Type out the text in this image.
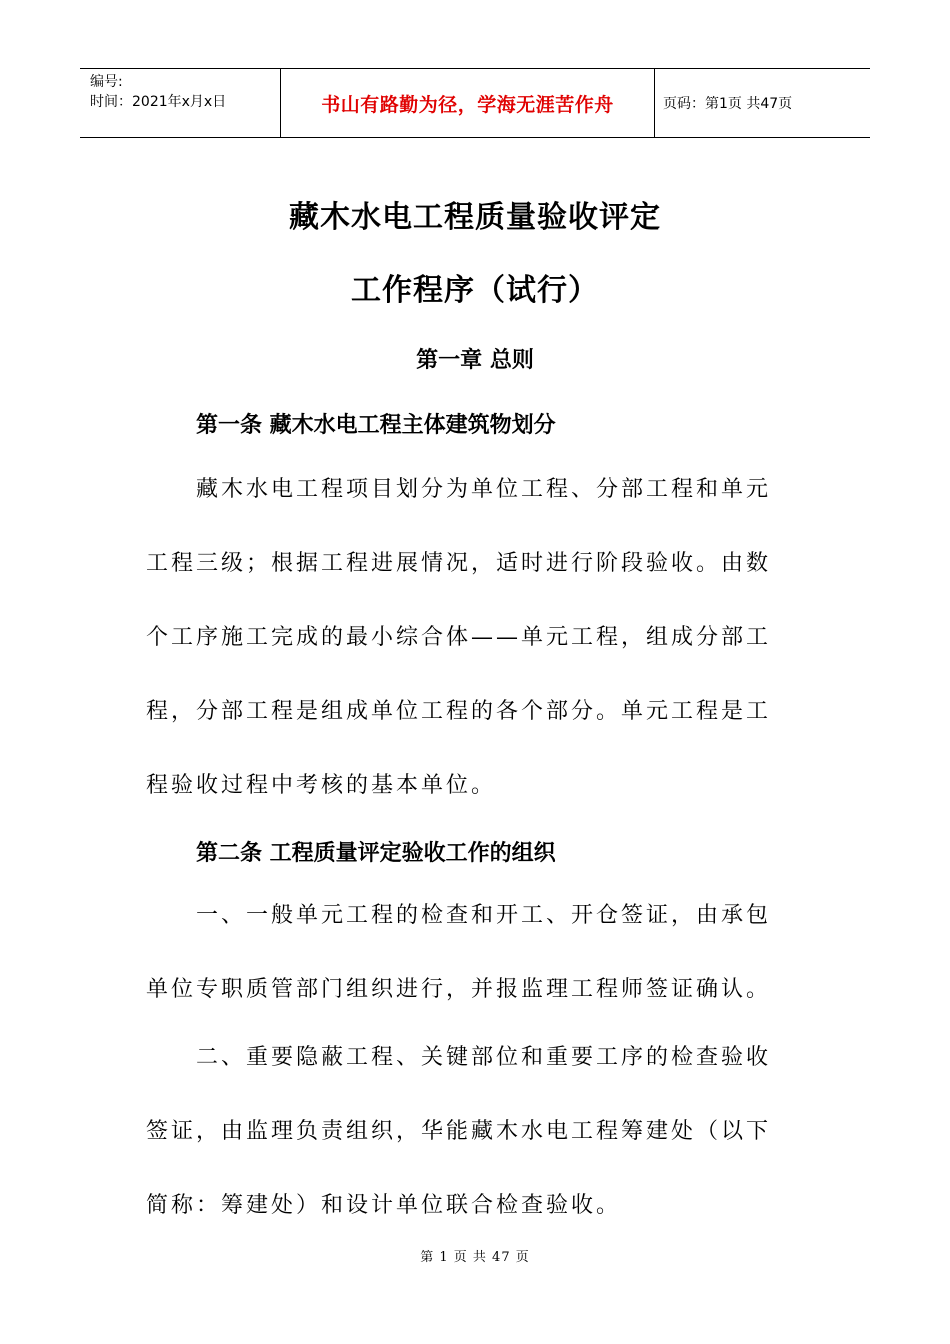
编号:
时间：2021年x月x日	书山有路勤为径，学海无涯苦作舟	页码：第1页 共47页
藏木水电工程质量验收评定
工作程序（试行）
第一章 总则
第一条 藏木水电工程主体建筑物划分
藏木水电工程项目划分为单位工程、分部工程和单元
工程三级；根据工程进展情况，适时进行阶段验收。由数
个工序施工完成的最小综合体——单元工程，组成分部工
程，分部工程是组成单位工程的各个部分。单元工程是工
程验收过程中考核的基本单位。
第二条 工程质量评定验收工作的组织
一、一般单元工程的检查和开工、开仓签证，由承包
单位专职质管部门组织进行，并报监理工程师签证确认。
二、重要隐蔽工程、关键部位和重要工序的检查验收
签证，由监理负责组织，华能藏木水电工程筹建处（以下
简称：筹建处）和设计单位联合检查验收。
第 1 页 共 47 页
